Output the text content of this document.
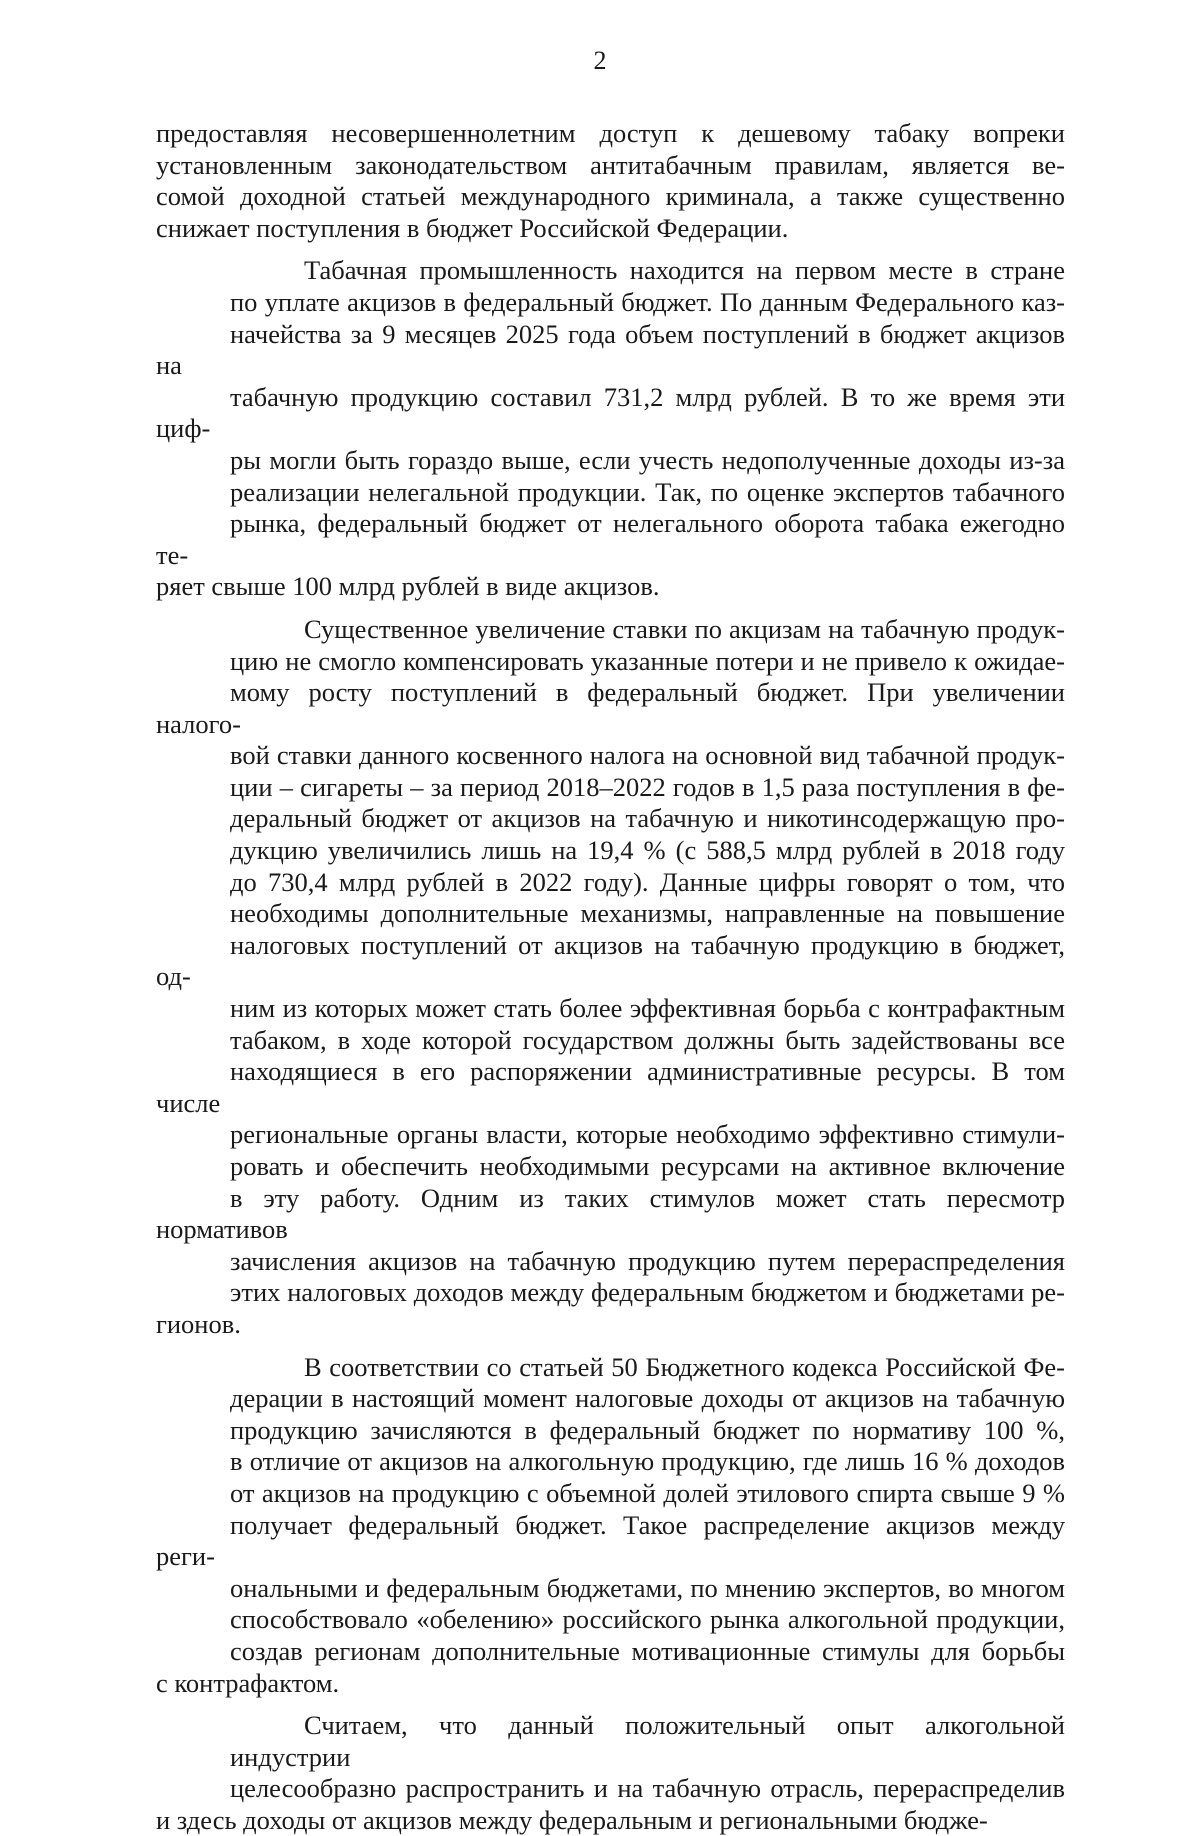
2

предоставляя несовершеннолетним доступ к дешевому табаку вопрекиустановленным законодательством антитабачным правилам, является ве-сомой доходной статьей международного криминала, а также существенноснижает поступления в бюджет Российской Федерации.

Табачная промышленность находится на первом месте в странепо уплате акцизов в федеральный бюджет. По данным Федерального каз-начейства за 9 месяцев 2025 года объем поступлений в бюджет акцизов натабачную продукцию составил 731,2 млрд рублей. В то же время эти циф-ры могли быть гораздо выше, если учесть недополученные доходы из-зареализации нелегальной продукции. Так, по оценке экспертов табачногорынка, федеральный бюджет от нелегального оборота табака ежегодно те-ряет свыше 100 млрд рублей в виде акцизов.

Существенное увеличение ставки по акцизам на табачную продук-цию не смогло компенсировать указанные потери и не привело к ожидае-мому росту поступлений в федеральный бюджет. При увеличении налого-вой ставки данного косвенного налога на основной вид табачной продук-ции – сигареты – за период 2018–2022 годов в 1,5 раза поступления в фе-деральный бюджет от акцизов на табачную и никотинсодержащую про-дукцию увеличились лишь на 19,4 % (с 588,5 млрд рублей в 2018 годудо 730,4 млрд рублей в 2022 году). Данные цифры говорят о том, чтонеобходимы дополнительные механизмы, направленные на повышениеналоговых поступлений от акцизов на табачную продукцию в бюджет, од-ним из которых может стать более эффективная борьба с контрафактнымтабаком, в ходе которой государством должны быть задействованы всенаходящиеся в его распоряжении административные ресурсы. В том числерегиональные органы власти, которые необходимо эффективно стимули-ровать и обеспечить необходимыми ресурсами на активное включениев эту работу. Одним из таких стимулов может стать пересмотр нормативовзачисления акцизов на табачную продукцию путем перераспределенияэтих налоговых доходов между федеральным бюджетом и бюджетами ре-гионов.

В соответствии со статьей 50 Бюджетного кодекса Российской Фе-дерации в настоящий момент налоговые доходы от акцизов на табачнуюпродукцию зачисляются в федеральный бюджет по нормативу 100 %,в отличие от акцизов на алкогольную продукцию, где лишь 16 % доходовот акцизов на продукцию с объемной долей этилового спирта свыше 9 %получает федеральный бюджет. Такое распределение акцизов между реги-ональными и федеральным бюджетами, по мнению экспертов, во многомспособствовало «обелению» российского рынка алкогольной продукции,создав регионам дополнительные мотивационные стимулы для борьбыс контрафактом.

Считаем, что данный положительный опыт алкогольной индустриицелесообразно распространить и на табачную отрасль, перераспределиви здесь доходы от акцизов между федеральным и региональными бюдже-
